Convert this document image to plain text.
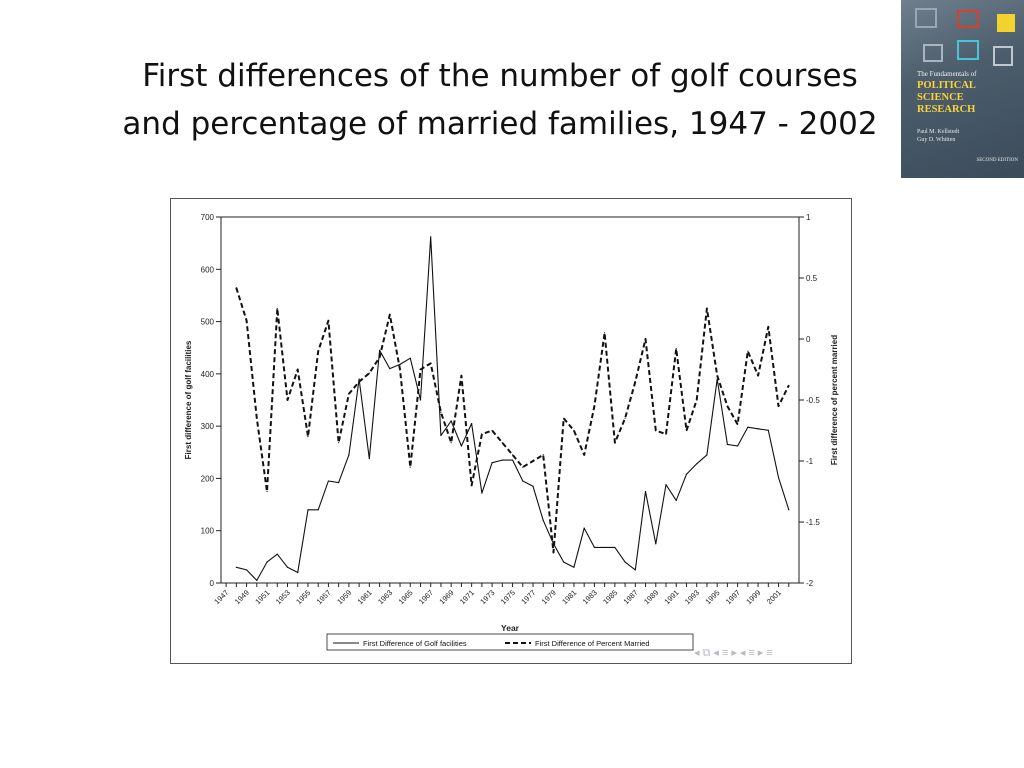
First differences of the number of golf courses
and percentage of married families, 1947 - 2002
The Fundamentals of
POLITICAL
SCIENCE
RESEARCH
Paul M. Kellstedt
Guy D. Whitten
SECOND EDITION
0
100
200
300
400
500
600
700	1
0.5
0
-0.5
-1
-1.5
-2
1947 1949 1951 1953 1955 1957 1959 1961 1963 1965 1967 1969 1971 1973 1975 1977 1979 1981 1983 1985 1987 1989 1991 1993 1995 1997 1999 2001
Year
First difference of golf facilities	First difference of percent married
First Difference of Golf facilities	First Difference of Percent Married
◂⧉◂≡▸◂≡▸≡
